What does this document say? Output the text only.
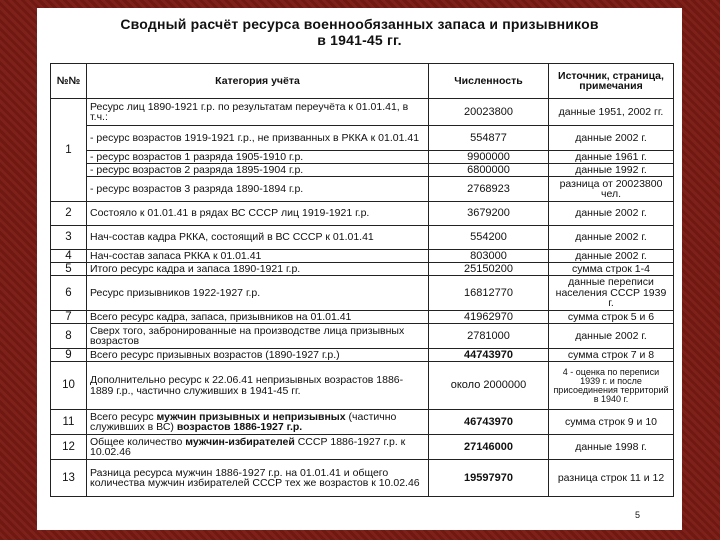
Сводный расчёт ресурса военнообязанных запаса и призывников
в 1941-45 гг.
№№	Категория учёта	Численность	Источник, страница, примечания
1	Ресурс лиц 1890-1921 г.р. по результатам переучёта к 01.01.41, в т.ч.:	20023800	данные 1951, 2002 гг.
	- ресурс возрастов 1919-1921 г.р., не призванных в РККА к 01.01.41	554877	данные 2002 г.
	- ресурс возрастов 1 разряда 1905-1910 г.р.	9900000	данные 1961 г.
	- ресурс возрастов 2 разряда 1895-1904 г.р.	6800000	данные 1992 г.
	- ресурс возрастов 3 разряда 1890-1894 г.р.	2768923	разница от 20023800 чел.
2	Состояло к 01.01.41 в рядах ВС СССР лиц 1919-1921 г.р.	3679200	данные 2002 г.
3	Нач-состав кадра РККА, состоящий в ВС СССР к 01.01.41	554200	данные 2002 г.
4	Нач-состав запаса РККА к 01.01.41	803000	данные 2002 г.
5	Итого ресурс кадра и запаса 1890-1921 г.р.	25150200	сумма строк 1-4
6	Ресурс призывников 1922-1927 г.р.	16812770	данные переписи населения СССР 1939 г.
7	Всего ресурс кадра, запаса, призывников на 01.01.41	41962970	сумма строк 5 и 6
8	Сверх того, забронированные на производстве лица призывных возрастов	2781000	данные 2002 г.
9	Всего ресурс призывных возрастов (1890-1927 г.р.)	44743970	сумма строк 7 и 8
10	Дополнительно ресурс к 22.06.41 непризывных возрастов 1886-1889 г.р., частично служивших в 1941-45 гг.	около 2000000	4 - оценка по переписи 1939 г. и после присоединения территорий в 1940 г.
11	Всего ресурс мужчин призывных и непризывных (частично служивших в ВС) возрастов 1886-1927 г.р.	46743970	сумма строк 9 и 10
12	Общее количество мужчин-избирателей СССР 1886-1927 г.р. к 10.02.46	27146000	данные 1998 г.
13	Разница ресурса мужчин 1886-1927 г.р. на 01.01.41 и общего количества мужчин избирателей СССР тех же возрастов к 10.02.46	19597970	разница строк 11 и 12
5
